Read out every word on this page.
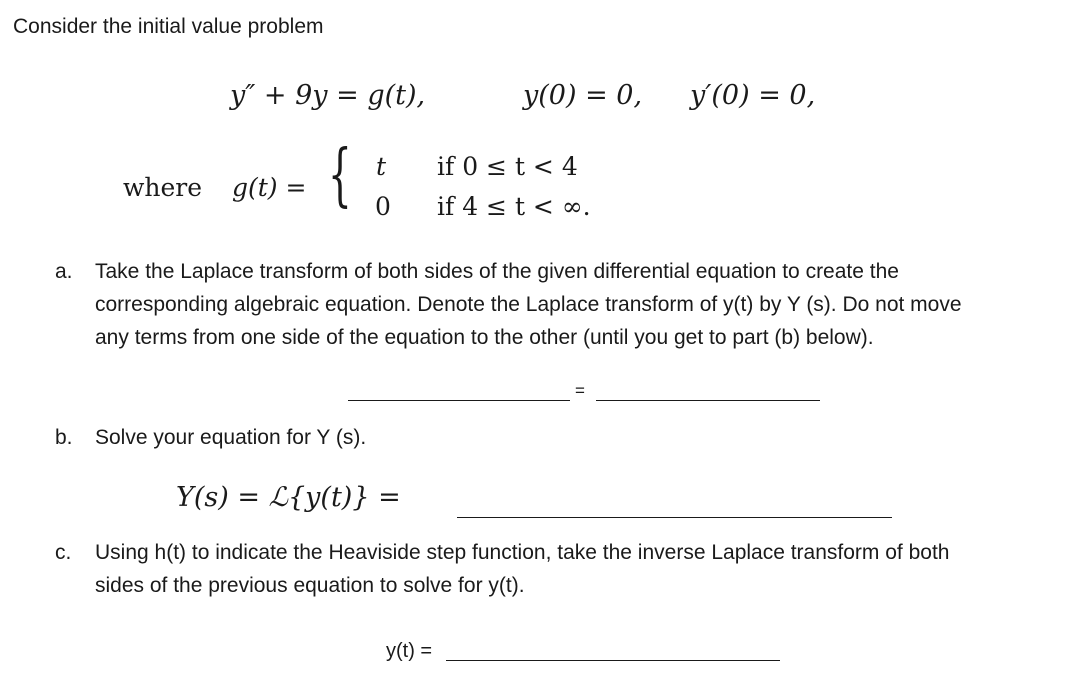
Consider the initial value problem
y″ + 9y = g(t),	y(0) = 0, y′(0) = 0,
where g(t) = { t if 0 ≤ t < 4
0 if 4 ≤ t < ∞.
a. Take the Laplace transform of both sides of the given differential equation to create the
corresponding algebraic equation. Denote the Laplace transform of y(t) by Y (s). Do not move
any terms from one side of the equation to the other (until you get to part (b) below).
=
b. Solve your equation for Y (s).
Y(s) = ℒ{y(t)} =
c. Using h(t) to indicate the Heaviside step function, take the inverse Laplace transform of both
sides of the previous equation to solve for y(t).
y(t) =
